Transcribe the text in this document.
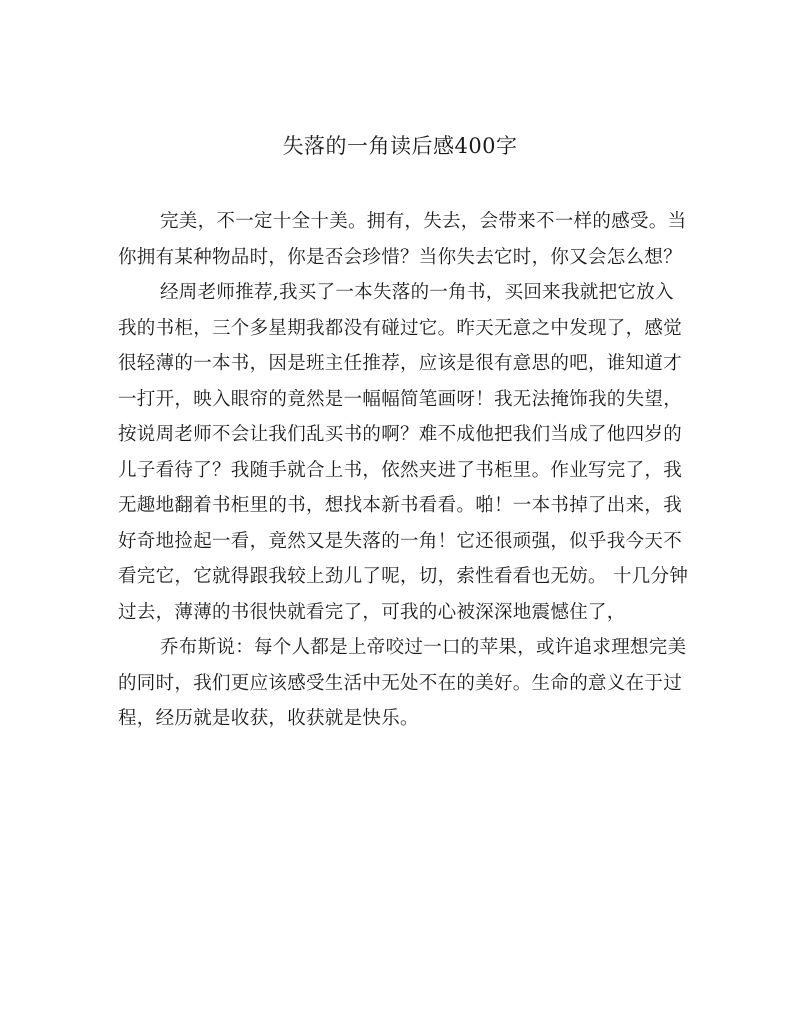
失落的一角读后感400字

完美，不一定十全十美。拥有，失去，会带来不一样的感受。当
你拥有某种物品时，你是否会珍惜？当你失去它时，你又会怎么想？

经周老师推荐,我买了一本失落的一角书，买回来我就把它放入
我的书柜，三个多星期我都没有碰过它。昨天无意之中发现了，感觉
很轻薄的一本书，因是班主任推荐，应该是很有意思的吧，谁知道才
一打开，映入眼帘的竟然是一幅幅简笔画呀！我无法掩饰我的失望，
按说周老师不会让我们乱买书的啊？难不成他把我们当成了他四岁的
儿子看待了？我随手就合上书，依然夹进了书柜里。作业写完了，我
无趣地翻着书柜里的书，想找本新书看看。啪！一本书掉了出来，我
好奇地捡起一看，竟然又是失落的一角！它还很顽强，似乎我今天不
看完它，它就得跟我较上劲儿了呢，切，索性看看也无妨。 十几分钟
过去，薄薄的书很快就看完了，可我的心被深深地震憾住了，

乔布斯说：每个人都是上帝咬过一口的苹果，或许追求理想完美
的同时，我们更应该感受生活中无处不在的美好。生命的意义在于过
程，经历就是收获，收获就是快乐。
